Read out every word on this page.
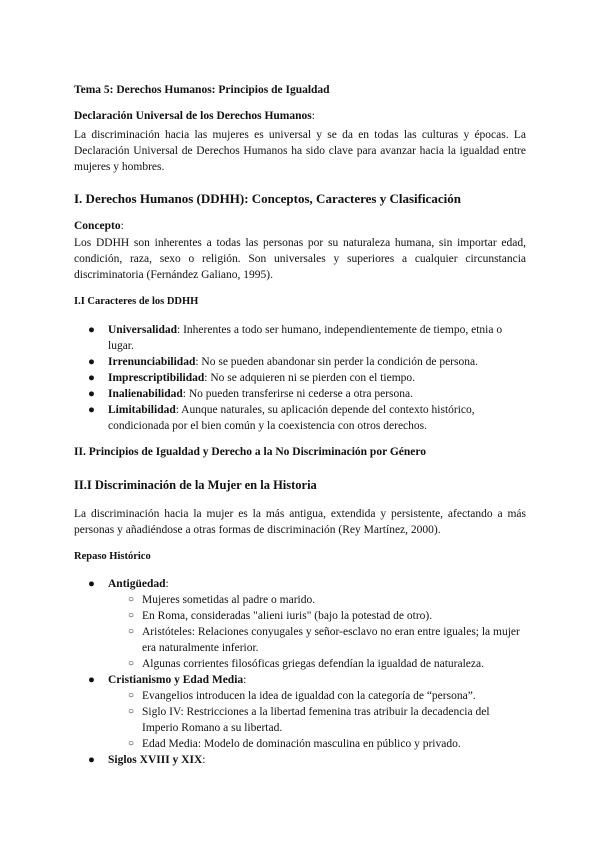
Tema 5: Derechos Humanos: Principios de Igualdad
Declaración Universal de los Derechos Humanos:
La discriminación hacia las mujeres es universal y se da en todas las culturas y épocas. La Declaración Universal de Derechos Humanos ha sido clave para avanzar hacia la igualdad entre mujeres y hombres.
I. Derechos Humanos (DDHH): Conceptos, Caracteres y Clasificación
Concepto:
Los DDHH son inherentes a todas las personas por su naturaleza humana, sin importar edad, condición, raza, sexo o religión. Son universales y superiores a cualquier circunstancia discriminatoria (Fernández Galiano, 1995).
I.I Caracteres de los DDHH
● Universalidad: Inherentes a todo ser humano, independientemente de tiempo, etnia o lugar.
● Irrenunciabilidad: No se pueden abandonar sin perder la condición de persona.
● Imprescriptibilidad: No se adquieren ni se pierden con el tiempo.
● Inalienabilidad: No pueden transferirse ni cederse a otra persona.
● Limitabilidad: Aunque naturales, su aplicación depende del contexto histórico, condicionada por el bien común y la coexistencia con otros derechos.
II. Principios de Igualdad y Derecho a la No Discriminación por Género
II.I Discriminación de la Mujer en la Historia
La discriminación hacia la mujer es la más antigua, extendida y persistente, afectando a más personas y añadiéndose a otras formas de discriminación (Rey Martínez, 2000).
Repaso Histórico
● Antigüedad:
○ Mujeres sometidas al padre o marido.
○ En Roma, consideradas "alieni iuris" (bajo la potestad de otro).
○ Aristóteles: Relaciones conyugales y señor-esclavo no eran entre iguales; la mujer era naturalmente inferior.
○ Algunas corrientes filosóficas griegas defendían la igualdad de naturaleza.
● Cristianismo y Edad Media:
○ Evangelios introducen la idea de igualdad con la categoría de “persona”.
○ Siglo IV: Restricciones a la libertad femenina tras atribuir la decadencia del Imperio Romano a su libertad.
○ Edad Media: Modelo de dominación masculina en público y privado.
● Siglos XVIII y XIX:
